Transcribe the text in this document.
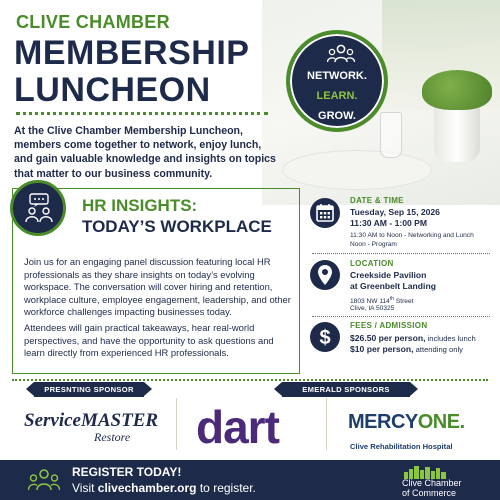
CLIVE CHAMBER
MEMBERSHIP
LUNCHEON
At the Clive Chamber Membership Luncheon, members come together to network, enjoy lunch, and gain valuable knowledge and insights on topics that matter to our business community.
NETWORK.
LEARN.
GROW.
HR INSIGHTS:
TODAY’S WORKPLACE
Join us for an engaging panel discussion featuring local HR professionals as they share insights on today’s evolving workspace. The conversation will cover hiring and retention, workplace culture, employee engagement, leadership, and other workforce challenges impacting businesses today.
Attendees will gain practical takeaways, hear real-world perspectives, and have the opportunity to ask questions and learn directly from experienced HR professionals.
DATE & TIME
Tuesday, Sep 15, 2026
11:30 AM - 1:00 PM
11:30 AM to Noon - Networking and Lunch
Noon - Program
LOCATION
Creekside Pavilion
at Greenbelt Landing
1803 NW 114th Street
Clive, IA 50325
$
FEES / ADMISSION
$26.50 per person, includes lunch
$10 per person, attending only
PRESNTING SPONSOR	EMERALD SPONSORS
ServiceMASTER
Restore dart	MERCYONE.
Clive Rehabilitation Hospital
REGISTER TODAY!
Visit clivechamber.org to register.	Clive Chamber
of Commerce
